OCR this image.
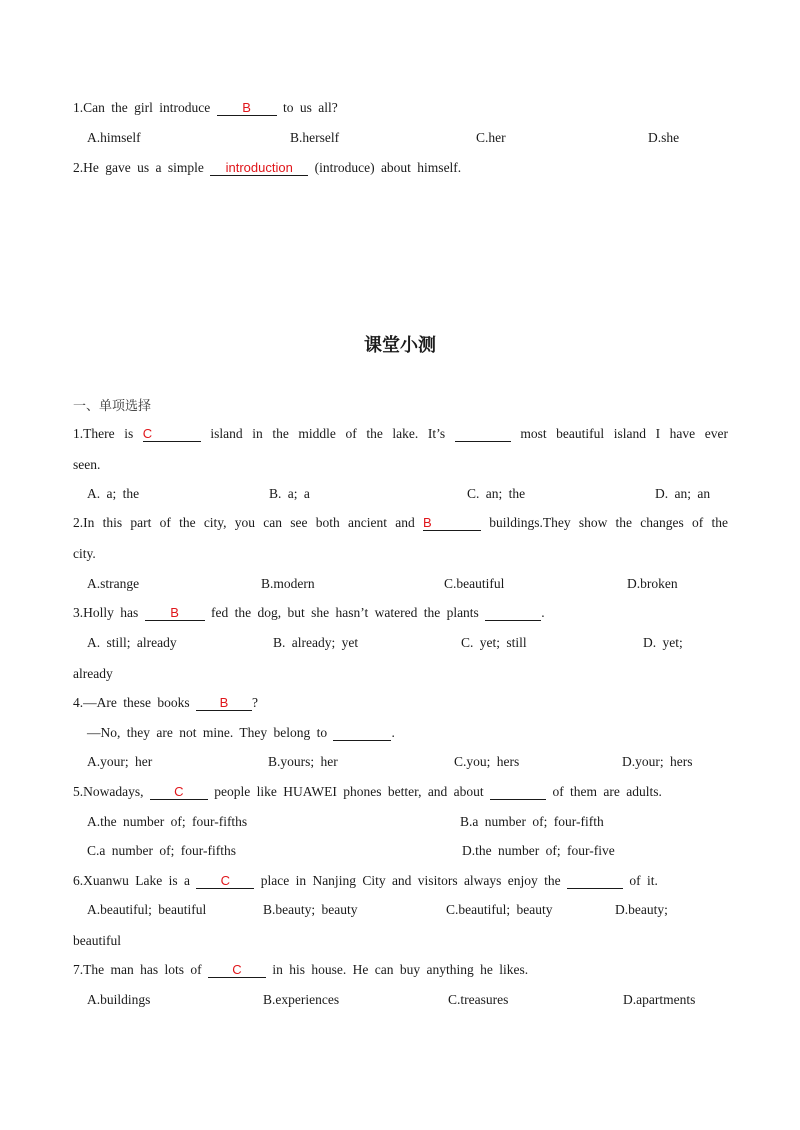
1.Can the girl introduce B to us all?
A.himself	B.herself	C.her	D.she
2.He gave us a simple introduction (introduce) about himself.
课堂小测
一、单项选择
1.There is C	island in the middle of the lake. It’s	most beautiful island I have ever
seen.
A. a; the	B. a; a	C. an; the	D. an; an
2.In this part of the city, you can see both ancient and B	buildings.They show the changes of the
city.
A.strange	B.modern	C.beautiful	D.broken
3.Holly has B fed the dog, but she hasn’t watered the plants	.
A. still; already	B. already; yet	C. yet; still	D. yet;
already
4.—Are these books B ?
—No, they are not mine. They belong to	.
A.your; her	B.yours; her	C.you; hers	D.your; hers
5.Nowadays, C people like HUAWEI phones better, and about	of them are adults.
A.the number of; four-fifths	B.a number of; four-fifth
C.a number of; four-fifths	D.the number of; four-five
6.Xuanwu Lake is a C place in Nanjing City and visitors always enjoy the	of it.
A.beautiful; beautiful	B.beauty; beauty	C.beautiful; beauty	D.beauty;
beautiful
7.The man has lots of C in his house. He can buy anything he likes.
A.buildings	B.experiences	C.treasures	D.apartments
